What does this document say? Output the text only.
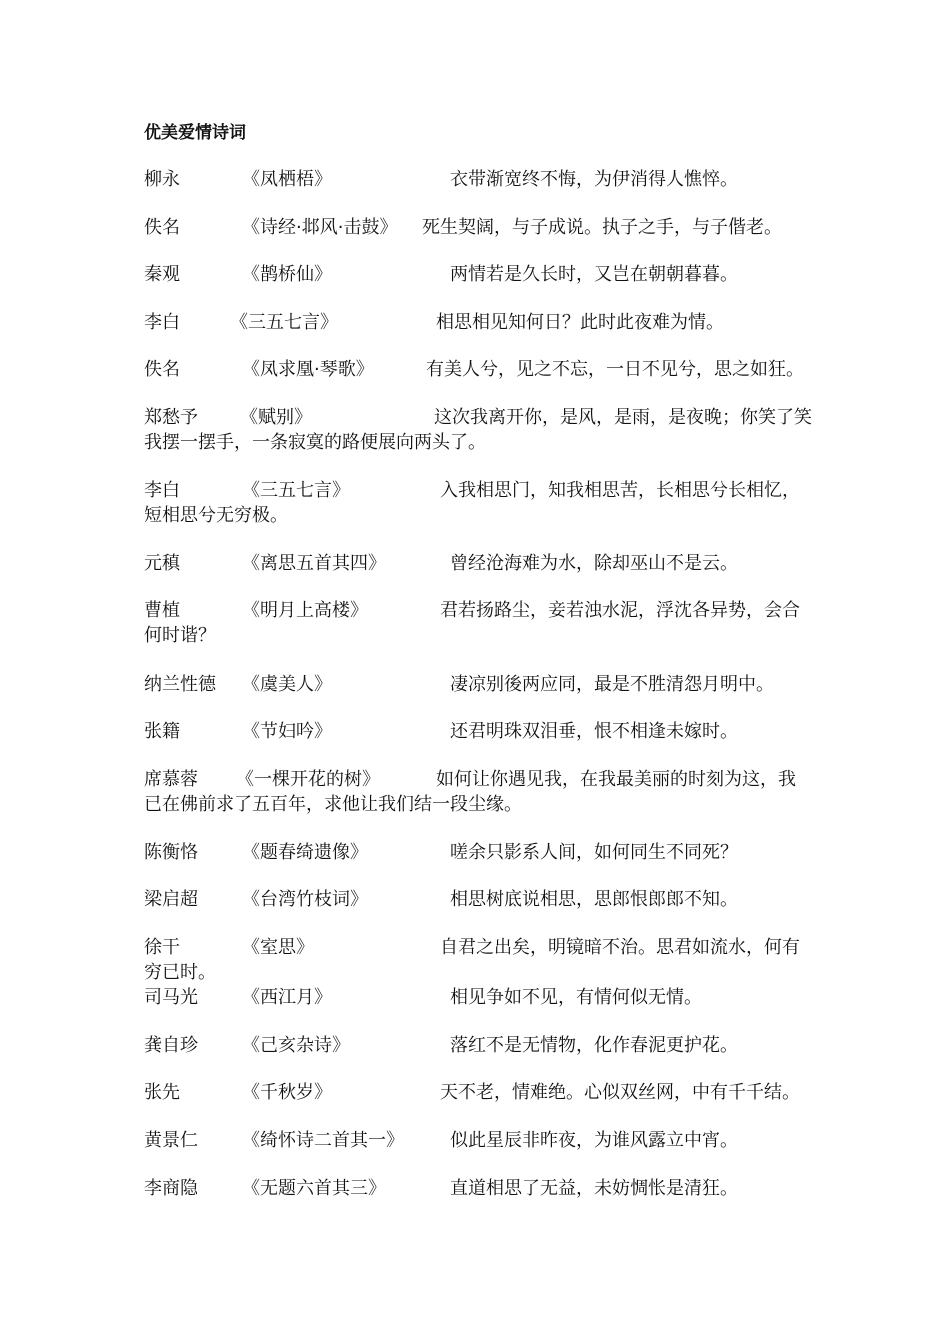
优美爱情诗词
柳永	《凤栖梧》	衣带渐宽终不悔，为伊消得人憔悴。
佚名	《诗经·邶风·击鼓》 死生契阔，与子成说。执子之手，与子偕老。
秦观	《鹊桥仙》	两情若是久长时，又岂在朝朝暮暮。
李白	《三五七言》	相思相见知何日？此时此夜难为情。
佚名	《凤求凰·琴歌》	有美人兮，见之不忘，一日不见兮，思之如狂。
郑愁予 《赋别》	这次我离开你，是风，是雨，是夜晚；你笑了笑
我摆一摆手，一条寂寞的路便展向两头了。
李白	《三五七言》	入我相思门，知我相思苦，长相思兮长相忆，
短相思兮无穷极。
元稹	《离思五首其四》	曾经沧海难为水，除却巫山不是云。
曹植	《明月上高楼》	君若扬路尘，妾若浊水泥，浮沈各异势，会合
何时谐？
纳兰性德 《虞美人》	凄凉别後两应同，最是不胜清怨月明中。
张籍	《节妇吟》	还君明珠双泪垂，恨不相逢未嫁时。
席慕蓉 《一棵开花的树》	如何让你遇见我，在我最美丽的时刻为这，我
已在佛前求了五百年，求他让我们结一段尘缘。
陈衡恪 《题春绮遗像》	嗟余只影系人间，如何同生不同死？
梁启超 《台湾竹枝词》	相思树底说相思，思郎恨郎郎不知。
徐干	《室思》	自君之出矣，明镜暗不治。思君如流水，何有
穷已时。
司马光 《西江月》	相见争如不见，有情何似无情。
龚自珍 《己亥杂诗》	落红不是无情物，化作春泥更护花。
张先	《千秋岁》	天不老，情难绝。心似双丝网，中有千千结。
黄景仁 《绮怀诗二首其一》	似此星辰非昨夜，为谁风露立中宵。
李商隐 《无题六首其三》	直道相思了无益，未妨惆怅是清狂。
